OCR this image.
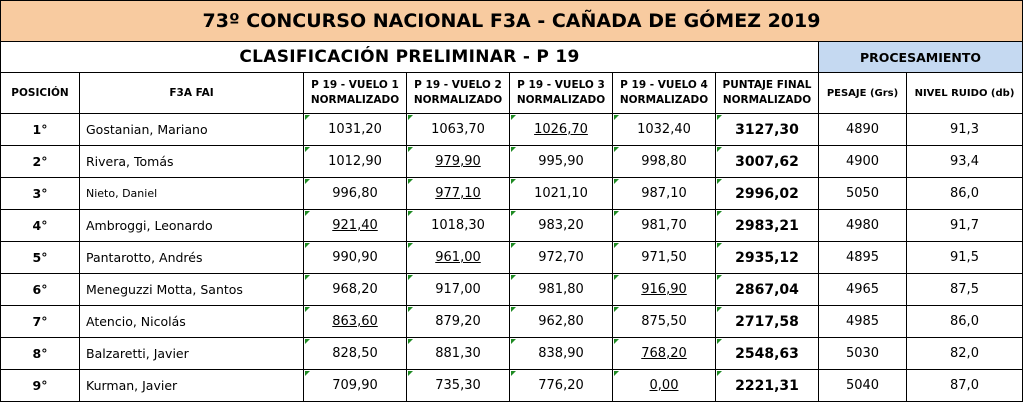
73º CONCURSO NACIONAL F3A - CAÑADA DE GÓMEZ 2019								
CLASIFICACIÓN PRELIMINAR - P 19							PROCESAMIENTO	
POSICIÓN	F3A FAI	P 19 - VUELO 1 NORMALIZADO	P 19 - VUELO 2 NORMALIZADO	P 19 - VUELO 3 NORMALIZADO	P 19 - VUELO 4 NORMALIZADO	PUNTAJE FINAL NORMALIZADO	PESAJE (Grs)	NIVEL RUIDO (db)
1°	Gostanian, Mariano	1031,20	1063,70	1026,70	1032,40	3127,30	4890	91,3
2°	Rivera, Tomás	1012,90	979,90	995,90	998,80	3007,62	4900	93,4
3°	Nieto, Daniel	996,80	977,10	1021,10	987,10	2996,02	5050	86,0
4°	Ambroggi, Leonardo	921,40	1018,30	983,20	981,70	2983,21	4980	91,7
5°	Pantarotto, Andrés	990,90	961,00	972,70	971,50	2935,12	4895	91,5
6°	Meneguzzi Motta, Santos	968,20	917,00	981,80	916,90	2867,04	4965	87,5
7°	Atencio, Nicolás	863,60	879,20	962,80	875,50	2717,58	4985	86,0
8°	Balzaretti, Javier	828,50	881,30	838,90	768,20	2548,63	5030	82,0
9°	Kurman, Javier	709,90	735,30	776,20	0,00	2221,31	5040	87,0
